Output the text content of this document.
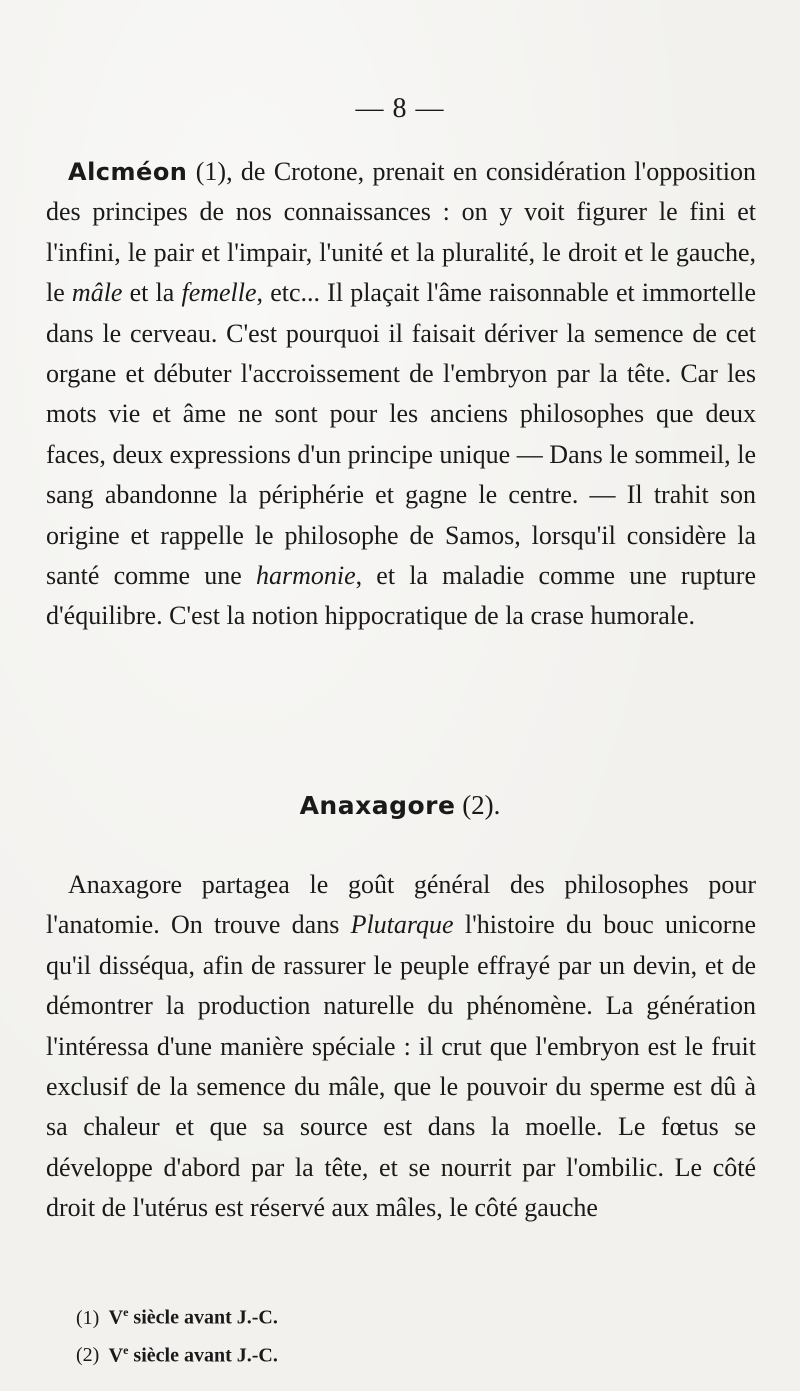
— 8 —

Alcméon (1), de Crotone, prenait en considération l'opposition des principes de nos connaissances : on y voit figurer le fini et l'infini, le pair et l'impair, l'unité et la pluralité, le droit et le gauche, le mâle et la femelle, etc... Il plaçait l'âme raisonnable et immortelle dans le cerveau. C'est pourquoi il faisait dériver la semence de cet organe et débuter l'accroissement de l'embryon par la tête. Car les mots vie et âme ne sont pour les anciens philosophes que deux faces, deux expressions d'un principe unique — Dans le sommeil, le sang abandonne la périphérie et gagne le centre. — Il trahit son origine et rappelle le philosophe de Samos, lorsqu'il considère la santé comme une harmonie, et la maladie comme une rupture d'équilibre. C'est la notion hippocratique de la crase humorale.

Anaxagore (2).

Anaxagore partagea le goût général des philosophes pour l'anatomie. On trouve dans Plutarque l'histoire du bouc unicorne qu'il disséqua, afin de rassurer le peuple effrayé par un devin, et de démontrer la production naturelle du phénomène. La génération l'intéressa d'une manière spéciale : il crut que l'embryon est le fruit exclusif de la semence du mâle, que le pouvoir du sperme est dû à sa chaleur et que sa source est dans la moelle. Le fœtus se développe d'abord par la tête, et se nourrit par l'ombilic. Le côté droit de l'utérus est réservé aux mâles, le côté gauche

(1) Ve siècle avant J.-C.
(2) Ve siècle avant J.-C.
